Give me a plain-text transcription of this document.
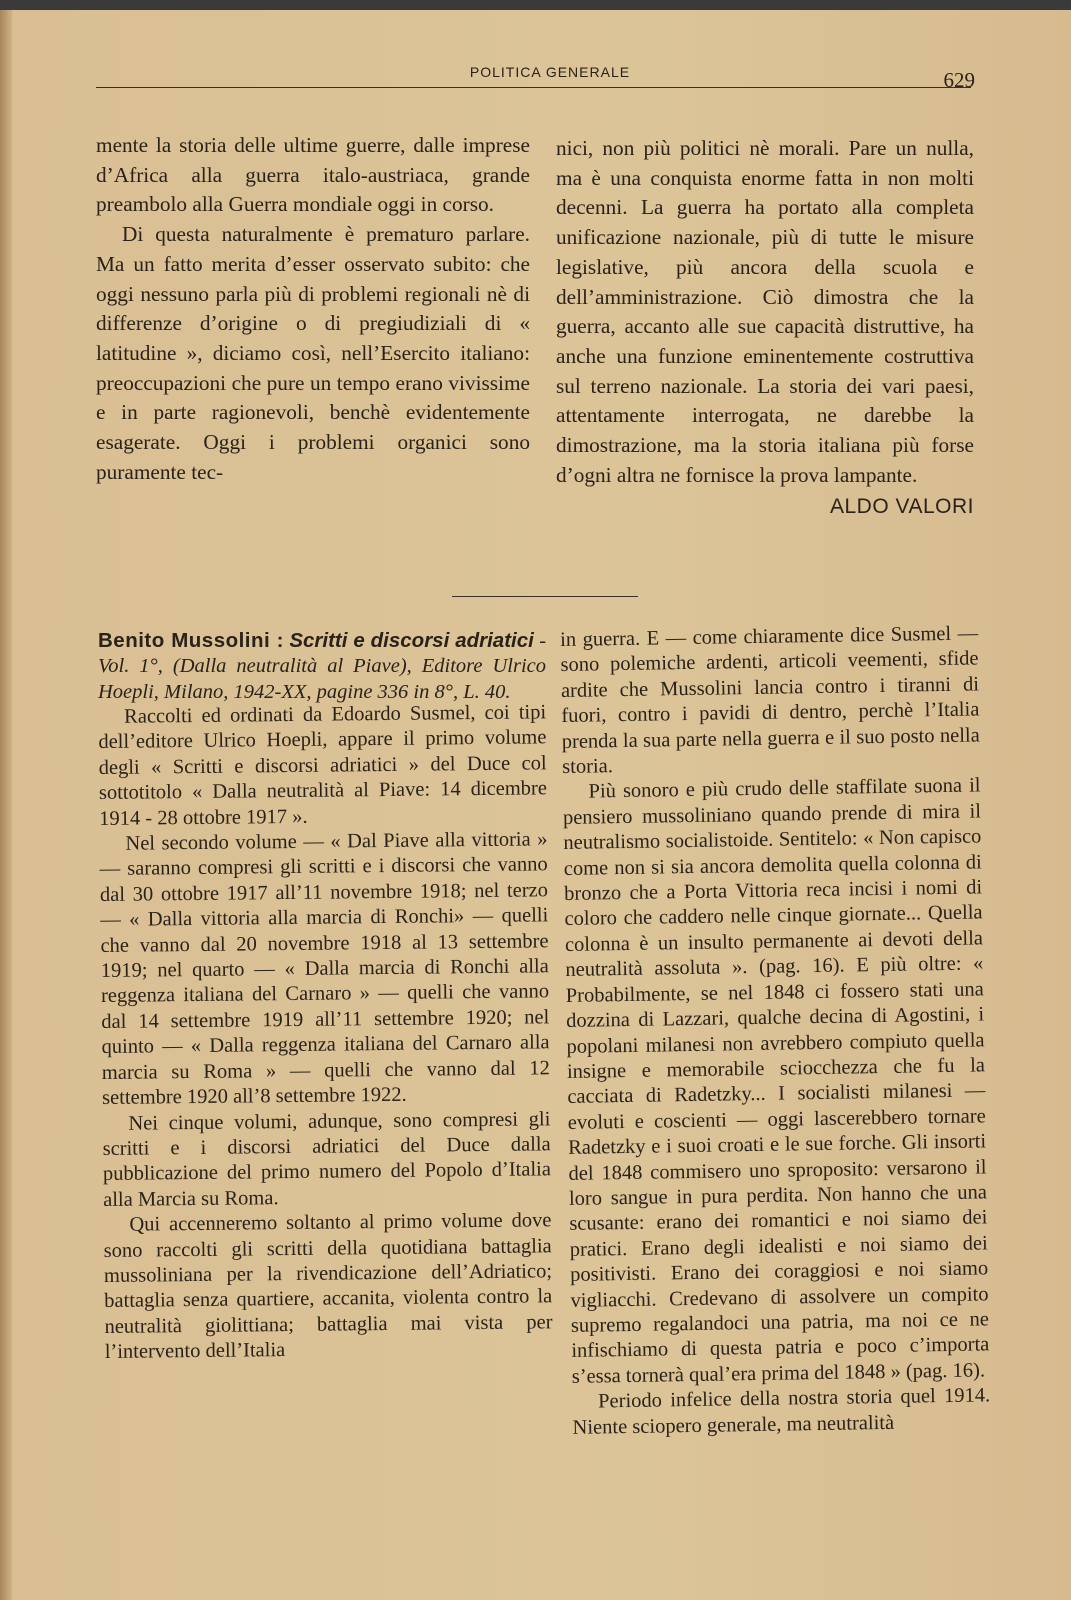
POLITICA GENERALE	629

mente la storia delle ultime guerre, dalle imprese d’Africa alla guerra italo-austriaca, grande preambolo alla Guerra mondiale oggi in corso.

Di questa naturalmente è prematuro parlare. Ma un fatto merita d’esser osservato subito: che oggi nessuno parla più di problemi regionali nè di differenze d’origine o di pregiudiziali di « latitudine », diciamo così, nell’Esercito italiano: preoccupazioni che pure un tempo erano vivissime e in parte ragionevoli, benchè evidentemente esagerate. Oggi i problemi organici sono puramente tec-

nici, non più politici nè morali. Pare un nulla, ma è una conquista enorme fatta in non molti decenni. La guerra ha portato alla completa unificazione nazionale, più di tutte le misure legislative, più ancora della scuola e dell’amministrazione. Ciò dimostra che la guerra, accanto alle sue capacità distruttive, ha anche una funzione eminentemente costruttiva sul terreno nazionale. La storia dei vari paesi, attentamente interrogata, ne darebbe la dimostrazione, ma la storia italiana più forse d’ogni altra ne fornisce la prova lampante.

ALDO VALORI

Benito Mussolini : Scritti e discorsi adriatici - Vol. 1°, (Dalla neutralità al Piave), Editore Ulrico Hoepli, Milano, 1942-XX, pagine 336 in 8°, L. 40.

Raccolti ed ordinati da Edoardo Susmel, coi tipi dell’editore Ulrico Hoepli, appare il primo volume degli « Scritti e discorsi adriatici » del Duce col sottotitolo « Dalla neutralità al Piave: 14 dicembre 1914 - 28 ottobre 1917 ».

Nel secondo volume — « Dal Piave alla vittoria » — saranno compresi gli scritti e i discorsi che vanno dal 30 ottobre 1917 all’11 novembre 1918; nel terzo — « Dalla vittoria alla marcia di Ronchi» — quelli che vanno dal 20 novembre 1918 al 13 settembre 1919; nel quarto — « Dalla marcia di Ronchi alla reggenza italiana del Carnaro » — quelli che vanno dal 14 settembre 1919 all’11 settembre 1920; nel quinto — « Dalla reggenza italiana del Carnaro alla marcia su Roma » — quelli che vanno dal 12 settembre 1920 all’8 settembre 1922.

Nei cinque volumi, adunque, sono compresi gli scritti e i discorsi adriatici del Duce dalla pubblicazione del primo numero del Popolo d’Italia alla Marcia su Roma.

Qui accenneremo soltanto al primo volume dove sono raccolti gli scritti della quotidiana battaglia mussoliniana per la rivendicazione dell’Adriatico; battaglia senza quartiere, accanita, violenta contro la neutralità giolittiana; battaglia mai vista per l’intervento dell’Italia

in guerra. E — come chiaramente dice Susmel — sono polemiche ardenti, articoli veementi, sfide ardite che Mussolini lancia contro i tiranni di fuori, contro i pavidi di dentro, perchè l’Italia prenda la sua parte nella guerra e il suo posto nella storia.

Più sonoro e più crudo delle staffilate suona il pensiero mussoliniano quando prende di mira il neutralismo socialistoide. Sentitelo: « Non capisco come non si sia ancora demolita quella colonna di bronzo che a Porta Vittoria reca incisi i nomi di coloro che caddero nelle cinque giornate... Quella colonna è un insulto permanente ai devoti della neutralità assoluta ». (pag. 16). E più oltre: « Probabilmente, se nel 1848 ci fossero stati una dozzina di Lazzari, qualche decina di Agostini, i popolani milanesi non avrebbero compiuto quella insigne e memorabile sciocchezza che fu la cacciata di Radetzky... I socialisti milanesi — evoluti e coscienti — oggi lascerebbero tornare Radetzky e i suoi croati e le sue forche. Gli insorti del 1848 commisero uno sproposito: versarono il loro sangue in pura perdita. Non hanno che una scusante: erano dei romantici e noi siamo dei pratici. Erano degli idealisti e noi siamo dei positivisti. Erano dei coraggiosi e noi siamo vigliacchi. Credevano di assolvere un compito supremo regalandoci una patria, ma noi ce ne infischiamo di questa patria e poco c’importa s’essa tornerà qual’era prima del 1848 » (pag. 16).

Periodo infelice della nostra storia quel 1914. Niente sciopero generale, ma neutralità
